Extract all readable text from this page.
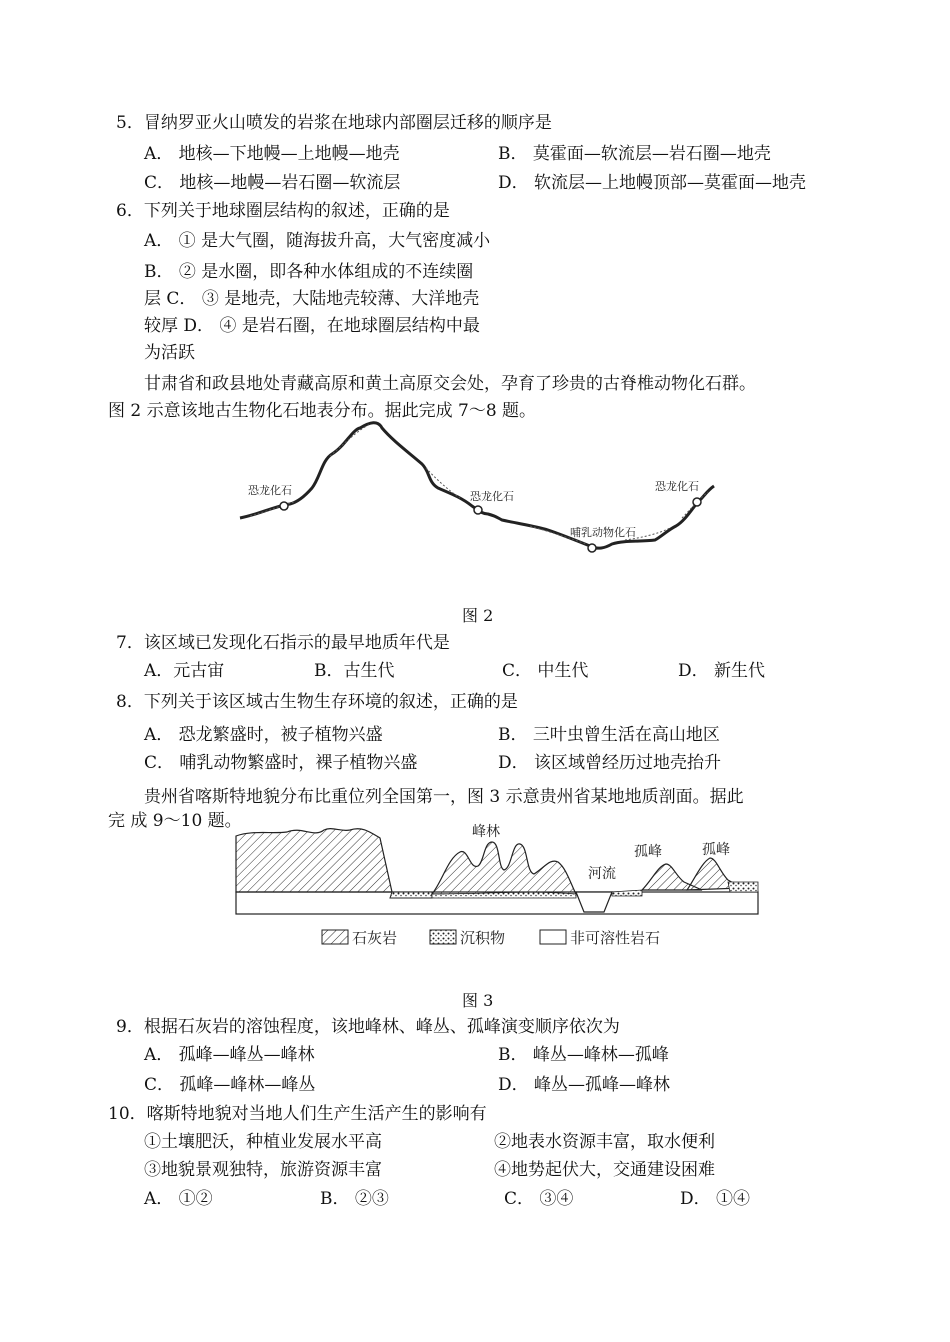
5．冒纳罗亚火山喷发的岩浆在地球内部圈层迁移的顺序是
A． 地核—下地幔—上地幔—地壳	B． 莫霍面—软流层—岩石圈—地壳
C． 地核—地幔—岩石圈—软流层	D． 软流层—上地幔顶部—莫霍面—地壳
6．下列关于地球圈层结构的叙述，正确的是
A． ① 是大气圈，随海拔升高，大气密度减小
B． ② 是水圈，即各种水体组成的不连续圈
层 C． ③ 是地壳，大陆地壳较薄、大洋地壳
较厚 D． ④ 是岩石圈，在地球圈层结构中最
为活跃
甘肃省和政县地处青藏高原和黄土高原交会处，孕育了珍贵的古脊椎动物化石群。
图 2 示意该地古生物化石地表分布。据此完成 7～8 题。
恐龙化石	恐龙化石
哺乳动物化石
恐龙化石
图 2
7．该区域已发现化石指示的最早地质年代是
A．元古宙	B．古生代	C． 中生代	D． 新生代
8．下列关于该区域古生物生存环境的叙述，正确的是
A． 恐龙繁盛时，被子植物兴盛	B． 三叶虫曾生活在高山地区
C． 哺乳动物繁盛时，裸子植物兴盛	D． 该区域曾经历过地壳抬升
贵州省喀斯特地貌分布比重位列全国第一，图 3 示意贵州省某地地质剖面。据此
完 成 9～10 题。
峰林
河流
孤峰	孤峰
石灰岩	沉积物	非可溶性岩石
图 3
9．根据石灰岩的溶蚀程度，该地峰林、峰丛、孤峰演变顺序依次为
A． 孤峰—峰丛—峰林	B． 峰丛—峰林—孤峰
C． 孤峰—峰林—峰丛	D． 峰丛—孤峰—峰林
10．喀斯特地貌对当地人们生产生活产生的影响有
①土壤肥沃，种植业发展水平高	②地表水资源丰富，取水便利
③地貌景观独特，旅游资源丰富	④地势起伏大，交通建设困难
A． ①②	B． ②③	C． ③④	D． ①④
